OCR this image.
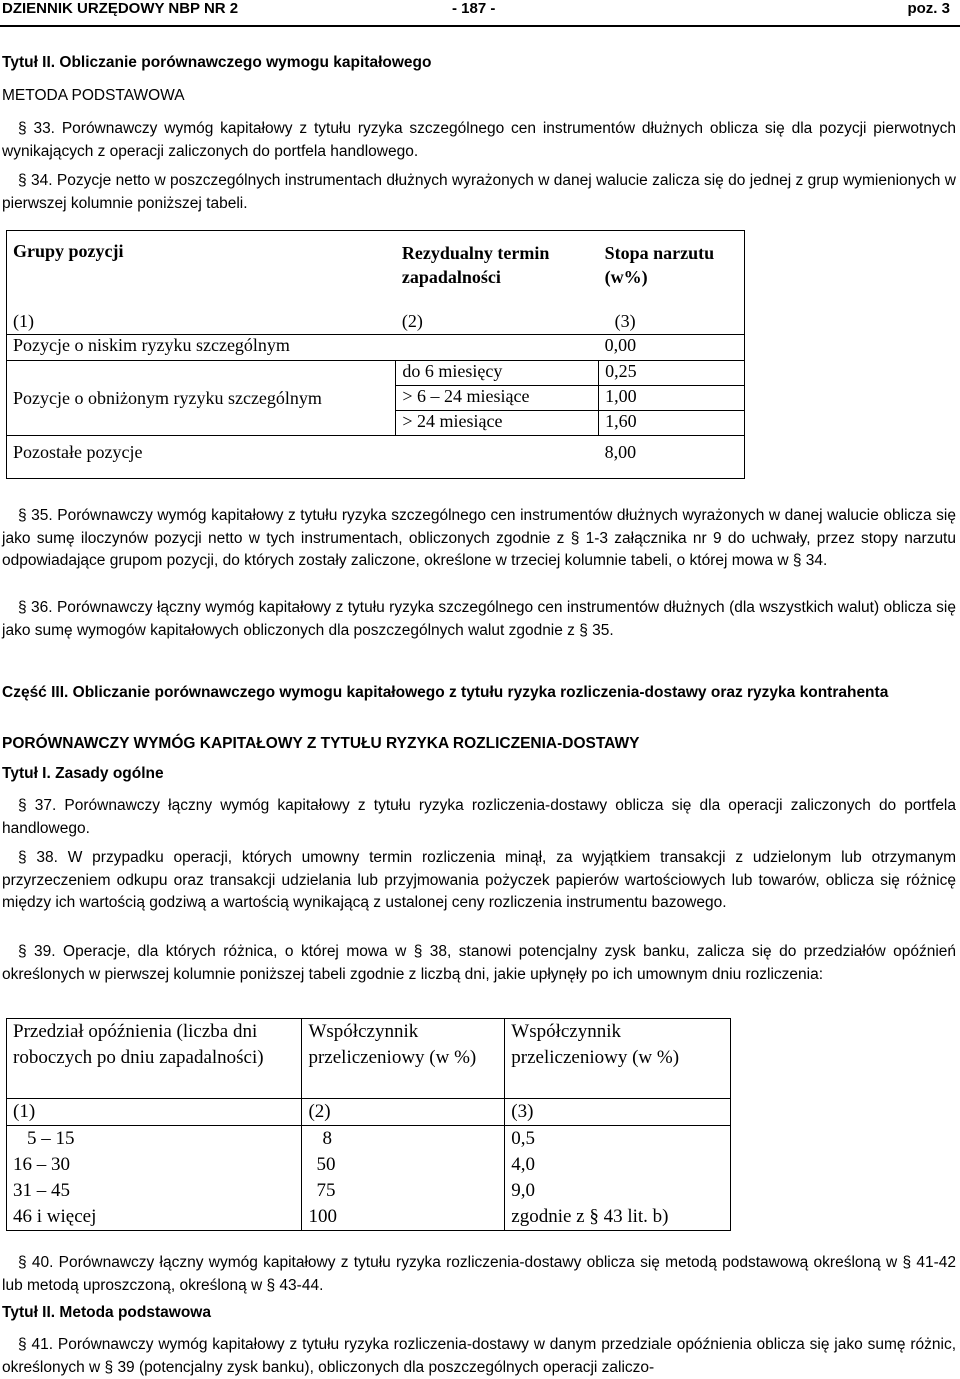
DZIENNIK URZĘDOWY NBP NR 2	- 187 -	poz. 3

Tytuł II. Obliczanie porównawczego wymogu kapitałowego

METODA PODSTAWOWA

§ 33. Porównawczy wymóg kapitałowy z tytułu ryzyka szczególnego cen instrumentów dłużnych oblicza się dla pozycji pierwotnych wynikających z operacji zaliczonych do portfela handlowego.

§ 34. Pozycje netto w poszczególnych instrumentach dłużnych wyrażonych w danej walucie zalicza się do jednej z grup wymienionych w pierwszej kolumnie poniższej tabeli.

Grupy pozycji	Rezydualny termin zapadalności	Stopa narzutu (w%)
(1)	(2)	(3)
Pozycje o niskim ryzyku szczególnym		0,00
Pozycje o obniżonym ryzyku szczególnym	do 6 miesięcy	0,25
	> 6 – 24 miesiące	1,00
	> 24 miesiące	1,60
Pozostałe pozycje		8,00

§ 35. Porównawczy wymóg kapitałowy z tytułu ryzyka szczególnego cen instrumentów dłużnych wyrażonych w danej walucie oblicza się jako sumę iloczynów pozycji netto w tych instrumentach, obliczonych zgodnie z § 1-3 załącznika nr 9 do uchwały, przez stopy narzutu odpowiadające grupom pozycji, do których zostały zaliczone, określone w trzeciej kolumnie tabeli, o której mowa w § 34.

§ 36. Porównawczy łączny wymóg kapitałowy z tytułu ryzyka szczególnego cen instrumentów dłużnych (dla wszystkich walut) oblicza się jako sumę wymogów kapitałowych obliczonych dla poszczególnych walut zgodnie z § 35.

Część III. Obliczanie porównawczego wymogu kapitałowego z tytułu ryzyka rozliczenia-dostawy oraz ryzyka kontrahenta

PORÓWNAWCZY WYMÓG KAPITAŁOWY Z TYTUŁU RYZYKA ROZLICZENIA-DOSTAWY

Tytuł I. Zasady ogólne

§ 37. Porównawczy łączny wymóg kapitałowy z tytułu ryzyka rozliczenia-dostawy oblicza się dla operacji zaliczonych do portfela handlowego.

§ 38. W przypadku operacji, których umowny termin rozliczenia minął, za wyjątkiem transakcji z udzielonym lub otrzymanym przyrzeczeniem odkupu oraz transakcji udzielania lub przyjmowania pożyczek papierów wartościowych lub towarów, oblicza się różnicę między ich wartością godziwą a wartością wynikającą z ustalonej ceny rozliczenia instrumentu bazowego.

§ 39. Operacje, dla których różnica, o której mowa w § 38, stanowi potencjalny zysk banku, zalicza się do przedziałów opóźnień określonych w pierwszej kolumnie poniższej tabeli zgodnie z liczbą dni, jakie upłynęły po ich umownym dniu rozliczenia:

Przedział opóźnienia (liczba dni roboczych po dniu zapadalności)	Współczynnik przeliczeniowy (w %)	Współczynnik przeliczeniowy (w %)
(1)	(2)	(3)
5 – 15	8	0,5
16 – 30	50	4,0
31 – 45	75	9,0
46 i więcej	100	zgodnie z § 43 lit. b)

§ 40. Porównawczy łączny wymóg kapitałowy z tytułu ryzyka rozliczenia-dostawy oblicza się metodą podstawową określoną w § 41-42 lub metodą uproszczoną, określoną w § 43-44.

Tytuł II. Metoda podstawowa

§ 41. Porównawczy wymóg kapitałowy z tytułu ryzyka rozliczenia-dostawy w danym przedziale opóźnienia oblicza się jako sumę różnic, określonych w § 39 (potencjalny zysk banku), obliczonych dla poszczególnych operacji zaliczo-
